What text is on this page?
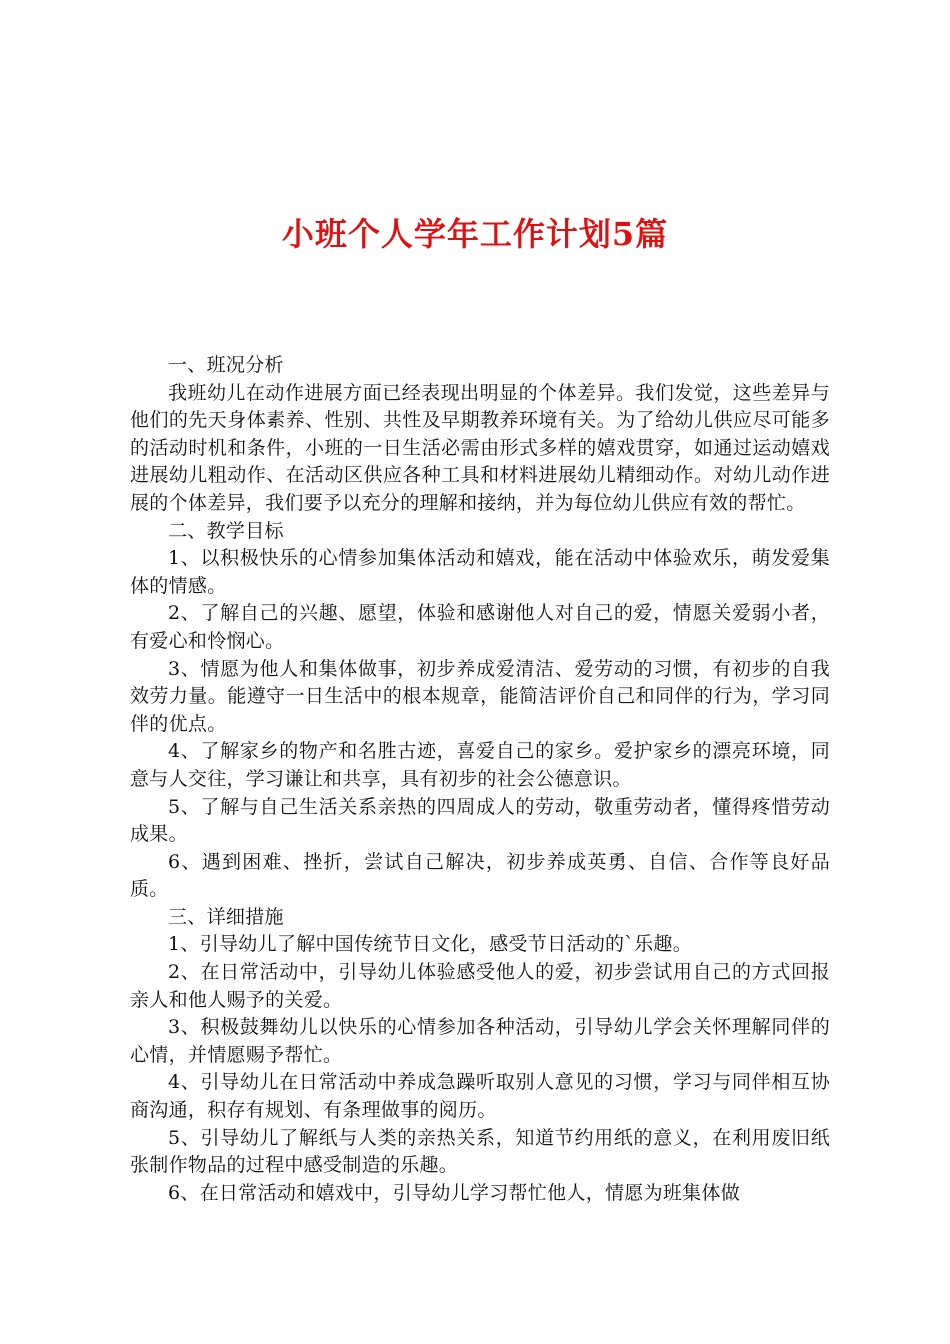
小班个人学年工作计划5篇

一、班况分析

我班幼儿在动作进展方面已经表现出明显的个体差异。我们发觉，这些差异与他们的先天身体素养、性别、共性及早期教养环境有关。为了给幼儿供应尽可能多的活动时机和条件，小班的一日生活必需由形式多样的嬉戏贯穿，如通过运动嬉戏进展幼儿粗动作、在活动区供应各种工具和材料进展幼儿精细动作。对幼儿动作进展的个体差异，我们要予以充分的理解和接纳，并为每位幼儿供应有效的帮忙。

二、教学目标

1、以积极快乐的心情参加集体活动和嬉戏，能在活动中体验欢乐，萌发爱集体的情感。

2、了解自己的兴趣、愿望，体验和感谢他人对自己的爱，情愿关爱弱小者，有爱心和怜悯心。

3、情愿为他人和集体做事，初步养成爱清洁、爱劳动的习惯，有初步的自我效劳力量。能遵守一日生活中的根本规章，能简洁评价自己和同伴的行为，学习同伴的优点。

4、了解家乡的物产和名胜古迹，喜爱自己的家乡。爱护家乡的漂亮环境，同意与人交往，学习谦让和共享，具有初步的社会公德意识。

5、了解与自己生活关系亲热的四周成人的劳动，敬重劳动者，懂得疼惜劳动成果。

6、遇到困难、挫折，尝试自己解决，初步养成英勇、自信、合作等良好品质。

三、详细措施

1、引导幼儿了解中国传统节日文化，感受节日活动的`乐趣。

2、在日常活动中，引导幼儿体验感受他人的爱，初步尝试用自己的方式回报亲人和他人赐予的关爱。

3、积极鼓舞幼儿以快乐的心情参加各种活动，引导幼儿学会关怀理解同伴的心情，并情愿赐予帮忙。

4、引导幼儿在日常活动中养成急躁听取别人意见的习惯，学习与同伴相互协商沟通，积存有规划、有条理做事的阅历。

5、引导幼儿了解纸与人类的亲热关系，知道节约用纸的意义，在利用废旧纸张制作物品的过程中感受制造的乐趣。

6、在日常活动和嬉戏中，引导幼儿学习帮忙他人，情愿为班集体做
